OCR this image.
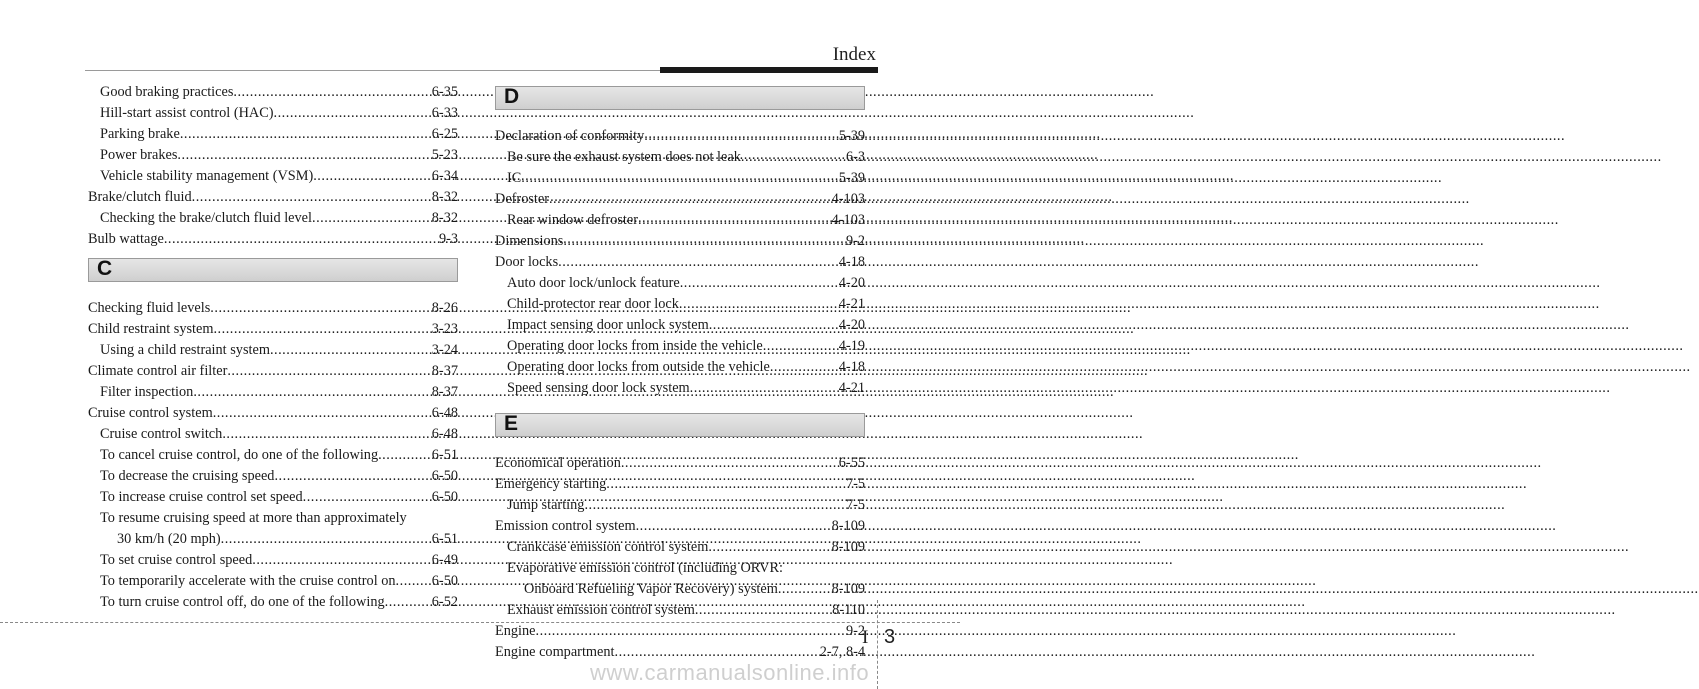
Index
Good braking practices .....	6-35
Hill-start assist control (HAC) .....	6-33
Parking brake .....	6-25
Power brakes .....	5-23
Vehicle stability management (VSM) .....	6-34
Brake/clutch fluid .....	8-32
Checking the brake/clutch fluid level .....	8-32
Bulb wattage .....	9-3
C
Checking fluid levels .....	8-26
Child restraint system .....	3-23
Using a child restraint system .....	3-24
Climate control air filter .....	8-37
Filter inspection .....	8-37
Cruise control system .....	6-48
Cruise control switch .....	6-48
To cancel cruise control, do one of the following .....	6-51
To decrease the cruising speed .....	6-50
To increase cruise control set speed .....	6-50
To resume cruising speed at more than approximately
30 km/h (20 mph) .....	6-51
To set cruise control speed .....	6-49
To temporarily accelerate with the cruise control on .....	6-50
To turn cruise control off, do one of the following .....	6-52
D
Declaration of conformity .....	5-39
Be sure the exhaust system does not leak .....	6-3
IC .....	5-39
Defroster .....	4-103
Rear window defroster .....	4-103
Dimensions .....	9-2
Door locks .....	4-18
Auto door lock/unlock feature .....	4-20
Child-protector rear door lock .....	4-21
Impact sensing door unlock system .....	4-20
Operating door locks from inside the vehicle .....	4-19
Operating door locks from outside the vehicle .....	4-18
Speed sensing door lock system .....	4-21
E
Economical operation .....	6-55
Emergency starting .....	7-5
Jump starting .....	7-5
Emission control system .....	8-109
Crankcase emission control system .....	8-109
Evaporative emission control (including ORVR:
Onboard Refueling Vapor Recovery) system .....	8-109
Exhaust emission control system .....	8-110
Engine .....	9-2
Engine compartment .....	2-7, 8-4
I 3
www.carmanualsonline.info
